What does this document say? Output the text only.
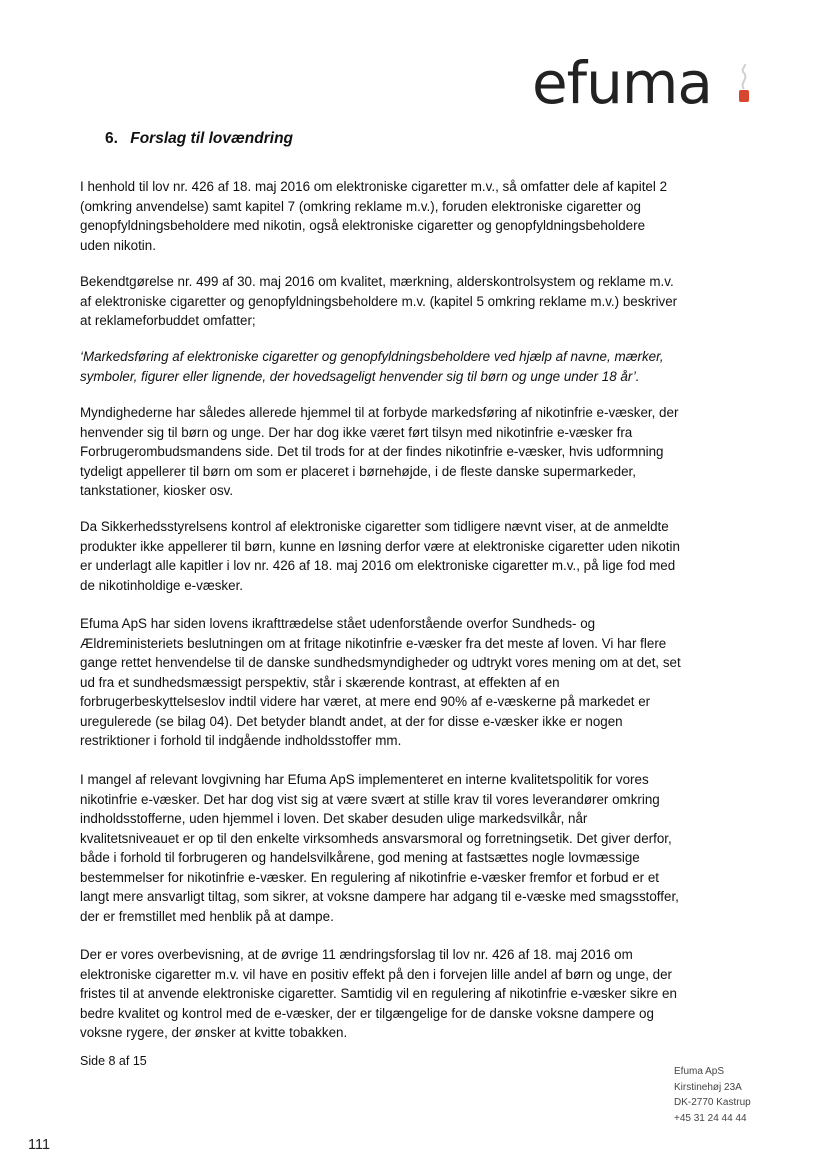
efuma
6. Forslag til lovændring

I henhold til lov nr. 426 af 18. maj 2016 om elektroniske cigaretter m.v., så omfatter dele af kapitel 2
(omkring anvendelse) samt kapitel 7 (omkring reklame m.v.), foruden elektroniske cigaretter og
genopfyldningsbeholdere med nikotin, også elektroniske cigaretter og genopfyldningsbeholdere
uden nikotin.

Bekendtgørelse nr. 499 af 30. maj 2016 om kvalitet, mærkning, alderskontrolsystem og reklame m.v.
af elektroniske cigaretter og genopfyldningsbeholdere m.v. (kapitel 5 omkring reklame m.v.) beskriver
at reklameforbuddet omfatter;

‘Markedsføring af elektroniske cigaretter og genopfyldningsbeholdere ved hjælp af navne, mærker,
symboler, figurer eller lignende, der hovedsageligt henvender sig til børn og unge under 18 år’.

Myndighederne har således allerede hjemmel til at forbyde markedsføring af nikotinfrie e-væsker, der
henvender sig til børn og unge. Der har dog ikke været ført tilsyn med nikotinfrie e-væsker fra
Forbrugerombudsmandens side. Det til trods for at der findes nikotinfrie e-væsker, hvis udformning
tydeligt appellerer til børn om som er placeret i børnehøjde, i de fleste danske supermarkeder,
tankstationer, kiosker osv.

Da Sikkerhedsstyrelsens kontrol af elektroniske cigaretter som tidligere nævnt viser, at de anmeldte
produkter ikke appellerer til børn, kunne en løsning derfor være at elektroniske cigaretter uden nikotin
er underlagt alle kapitler i lov nr. 426 af 18. maj 2016 om elektroniske cigaretter m.v., på lige fod med
de nikotinholdige e-væsker.

Efuma ApS har siden lovens ikrafttrædelse stået udenforstående overfor Sundheds- og
Ældreministeriets beslutningen om at fritage nikotinfrie e-væsker fra det meste af loven. Vi har flere
gange rettet henvendelse til de danske sundhedsmyndigheder og udtrykt vores mening om at det, set
ud fra et sundhedsmæssigt perspektiv, står i skærende kontrast, at effekten af en
forbrugerbeskyttelseslov indtil videre har været, at mere end 90% af e-væskerne på markedet er
uregulerede (se bilag 04). Det betyder blandt andet, at der for disse e-væsker ikke er nogen
restriktioner i forhold til indgående indholdsstoffer mm.

I mangel af relevant lovgivning har Efuma ApS implementeret en interne kvalitetspolitik for vores
nikotinfrie e-væsker. Det har dog vist sig at være svært at stille krav til vores leverandører omkring
indholdsstofferne, uden hjemmel i loven. Det skaber desuden ulige markedsvilkår, når
kvalitetsniveauet er op til den enkelte virksomheds ansvarsmoral og forretningsetik. Det giver derfor,
både i forhold til forbrugeren og handelsvilkårene, god mening at fastsættes nogle lovmæssige
bestemmelser for nikotinfrie e-væsker. En regulering af nikotinfrie e-væsker fremfor et forbud er et
langt mere ansvarligt tiltag, som sikrer, at voksne dampere har adgang til e-væske med smagsstoffer,
der er fremstillet med henblik på at dampe.

Der er vores overbevisning, at de øvrige 11 ændringsforslag til lov nr. 426 af 18. maj 2016 om
elektroniske cigaretter m.v. vil have en positiv effekt på den i forvejen lille andel af børn og unge, der
fristes til at anvende elektroniske cigaretter. Samtidig vil en regulering af nikotinfrie e-væsker sikre en
bedre kvalitet og kontrol med de e-væsker, der er tilgængelige for de danske voksne dampere og
voksne rygere, der ønsker at kvitte tobakken.

Side 8 af 15
Efuma ApS
Kirstinehøj 23A
DK-2770 Kastrup
+45 31 24 44 44
111
